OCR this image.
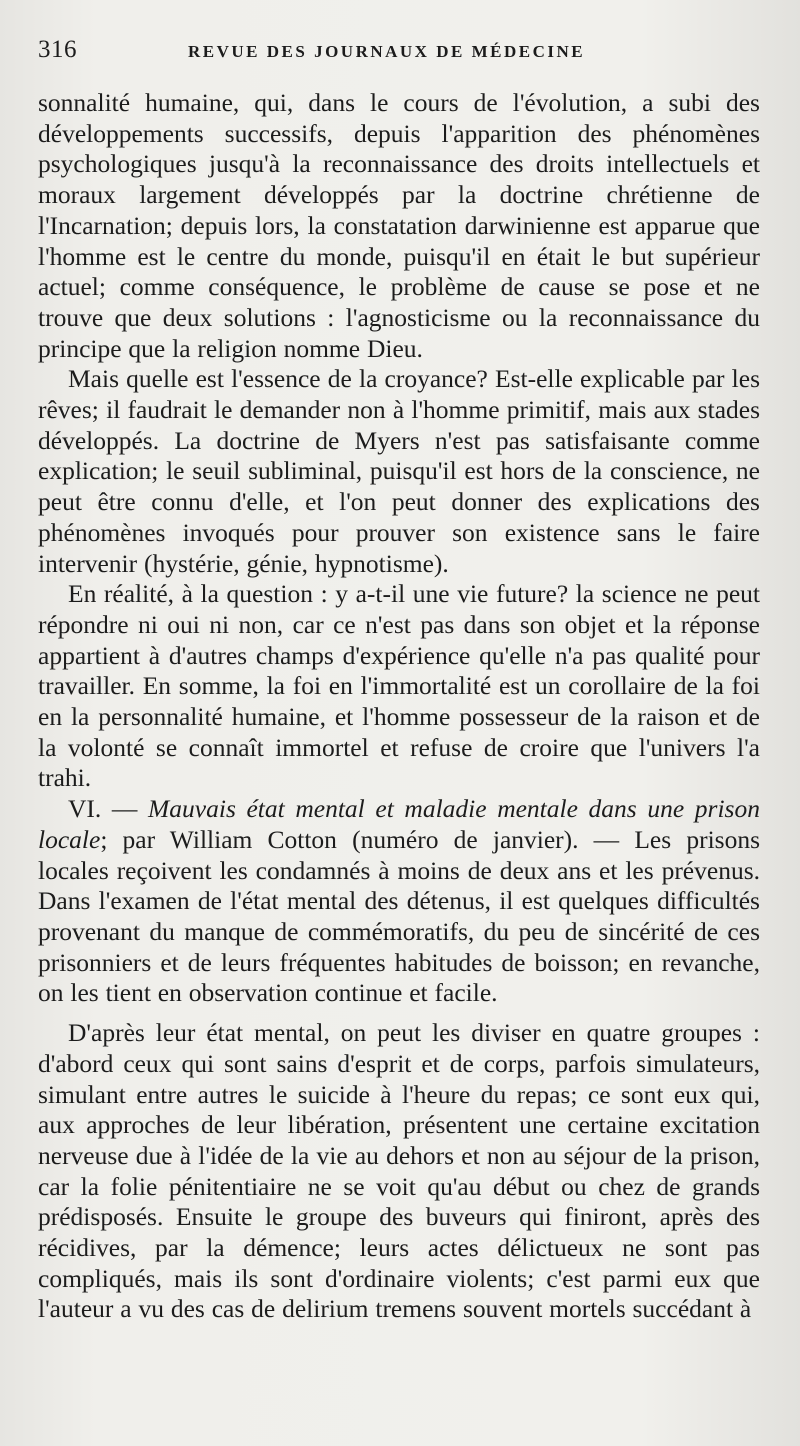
316	REVUE DES JOURNAUX DE MÉDECINE

sonnalité humaine, qui, dans le cours de l'évolution, a subi des développements successifs, depuis l'apparition des phénomènes psychologiques jusqu'à la reconnaissance des droits intellectuels et moraux largement développés par la doctrine chrétienne de l'Incarnation; depuis lors, la constatation darwinienne est apparue que l'homme est le centre du monde, puisqu'il en était le but supérieur actuel; comme conséquence, le problème de cause se pose et ne trouve que deux solutions : l'agnosticisme ou la reconnaissance du principe que la religion nomme Dieu.

Mais quelle est l'essence de la croyance? Est-elle explicable par les rêves; il faudrait le demander non à l'homme primitif, mais aux stades développés. La doctrine de Myers n'est pas satisfaisante comme explication; le seuil subliminal, puisqu'il est hors de la conscience, ne peut être connu d'elle, et l'on peut donner des explications des phénomènes invoqués pour prouver son existence sans le faire intervenir (hystérie, génie, hypnotisme).

En réalité, à la question : y a-t-il une vie future? la science ne peut répondre ni oui ni non, car ce n'est pas dans son objet et la réponse appartient à d'autres champs d'expérience qu'elle n'a pas qualité pour travailler. En somme, la foi en l'immortalité est un corollaire de la foi en la personnalité humaine, et l'homme possesseur de la raison et de la volonté se connaît immortel et refuse de croire que l'univers l'a trahi.

VI. — Mauvais état mental et maladie mentale dans une prison locale; par William Cotton (numéro de janvier). — Les prisons locales reçoivent les condamnés à moins de deux ans et les prévenus. Dans l'examen de l'état mental des détenus, il est quelques difficultés provenant du manque de commémoratifs, du peu de sincérité de ces prisonniers et de leurs fréquentes habitudes de boisson; en revanche, on les tient en observation continue et facile.

D'après leur état mental, on peut les diviser en quatre groupes : d'abord ceux qui sont sains d'esprit et de corps, parfois simulateurs, simulant entre autres le suicide à l'heure du repas; ce sont eux qui, aux approches de leur libération, présentent une certaine excitation nerveuse due à l'idée de la vie au dehors et non au séjour de la prison, car la folie pénitentiaire ne se voit qu'au début ou chez de grands prédisposés. Ensuite le groupe des buveurs qui finiront, après des récidives, par la démence; leurs actes délictueux ne sont pas compliqués, mais ils sont d'ordinaire violents; c'est parmi eux que l'auteur a vu des cas de delirium tremens souvent mortels succédant à
